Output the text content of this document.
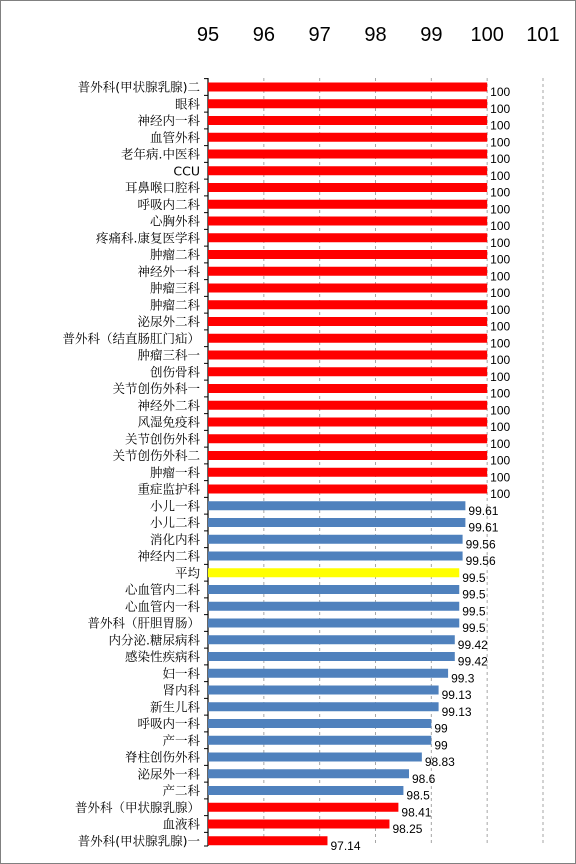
95 96 97 98 99 100 101
普外科(甲状腺乳腺)二	100
眼科	100
神经内一科	100
血管外科	100
老年病.中医科	100
CCU	100
耳鼻喉口腔科	100
呼吸内二科	100
心胸外科	100
疼痛科.康复医学科	100
肿瘤二科	100
神经外一科	100
肿瘤三科	100
肿瘤二科	100
泌尿外二科	100
普外科（结直肠肛门疝）	100
肿瘤三科一	100
创伤骨科	100
关节创伤外科一	100
神经外二科	100
风湿免疫科	100
关节创伤外科	100
关节创伤外科二	100
肿瘤一科	100
重症监护科	100
小儿一科	99.61
小儿二科	99.61
消化内科	99.56
神经内二科	99.56
平均	99.5
心血管内二科	99.5
心血管内一科	99.5
普外科（肝胆胃肠）	99.5
内分泌.糖尿病科	99.42
感染性疾病科	99.42
妇一科	99.3
肾内科	99.13
新生儿科	99.13
呼吸内一科	99
产一科	99
脊柱创伤外科	98.83
泌尿外一科	98.6
产二科	98.5
普外科（甲状腺乳腺）	98.41
血液科	98.25
普外科(甲状腺乳腺)一	97.14
